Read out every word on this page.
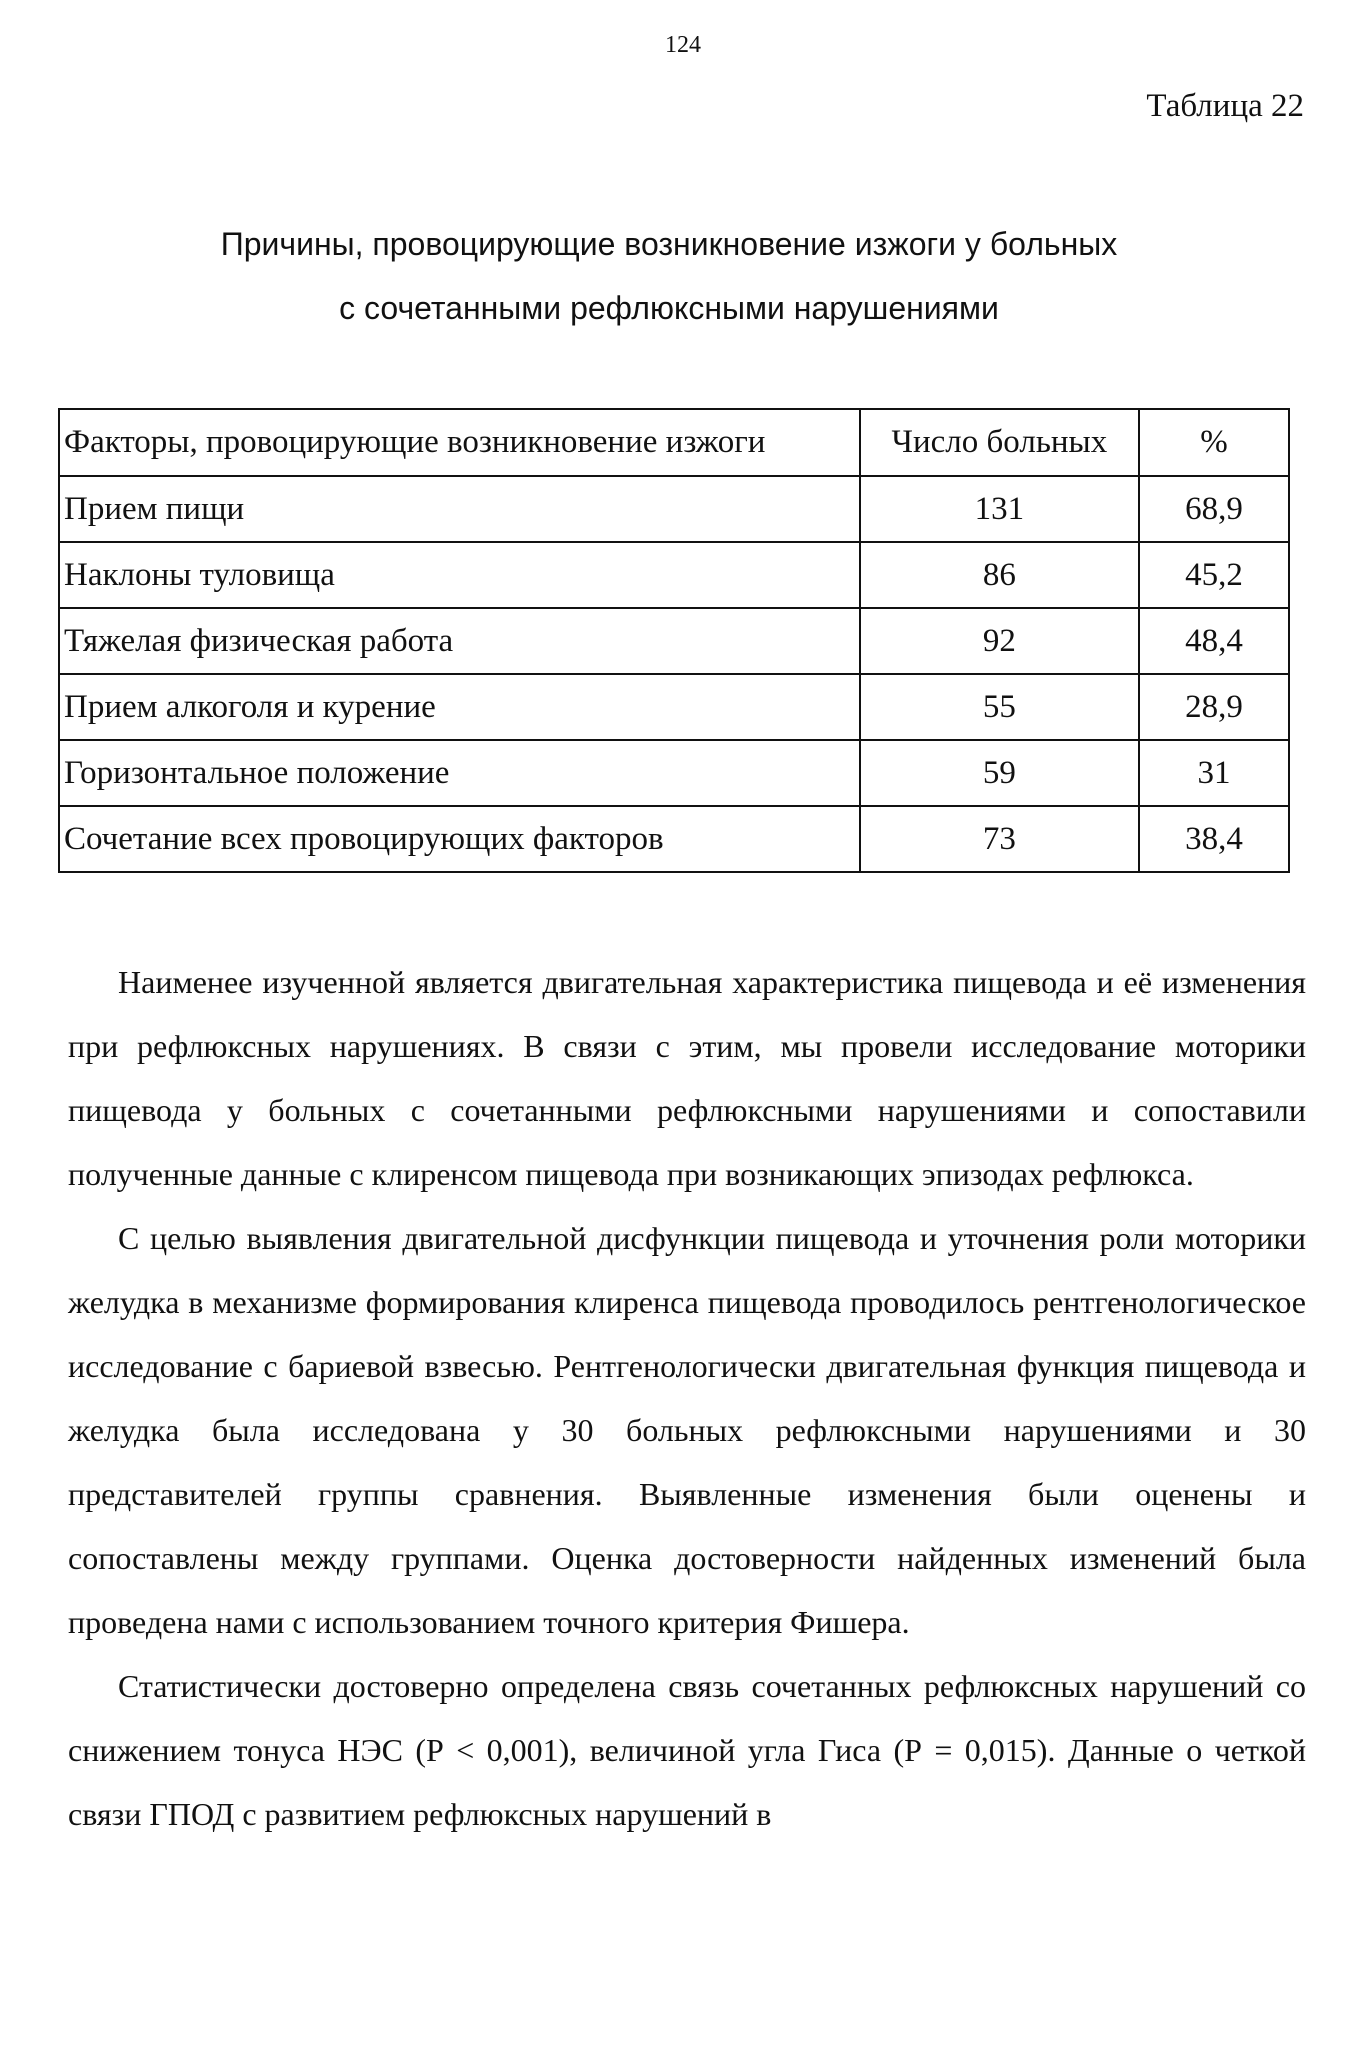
124
Таблица 22
Причины, провоцирующие возникновение изжоги у больных
с сочетанными рефлюксными нарушениями
Факторы, провоцирующие возникновение изжоги	Число больных	%
Прием пищи	131	68,9
Наклоны туловища	86	45,2
Тяжелая физическая работа	92	48,4
Прием алкоголя и курение	55	28,9
Горизонтальное положение	59	31
Сочетание всех провоцирующих факторов	73	38,4

Наименее изученной является двигательная характеристика пищевода и её изменения при рефлюксных нарушениях. В связи с этим, мы провели исследование моторики пищевода у больных с сочетанными рефлюксными нарушениями и сопоставили полученные данные с клиренсом пищевода при возникающих эпизодах рефлюкса.

С целью выявления двигательной дисфункции пищевода и уточнения роли моторики желудка в механизме формирования клиренса пищевода проводилось рентгенологическое исследование с бариевой взвесью. Рентгенологически двигательная функция пищевода и желудка была исследована у 30 больных рефлюксными нарушениями и 30 представителей группы сравнения. Выявленные изменения были оценены и сопоставлены между группами. Оценка достоверности найденных изменений была проведена нами с использованием точного критерия Фишера.

Статистически достоверно определена связь сочетанных рефлюксных нарушений со снижением тонуса НЭС (Р < 0,001), величиной угла Гиса (Р = 0,015). Данные о четкой связи ГПОД с развитием рефлюксных нарушений в
